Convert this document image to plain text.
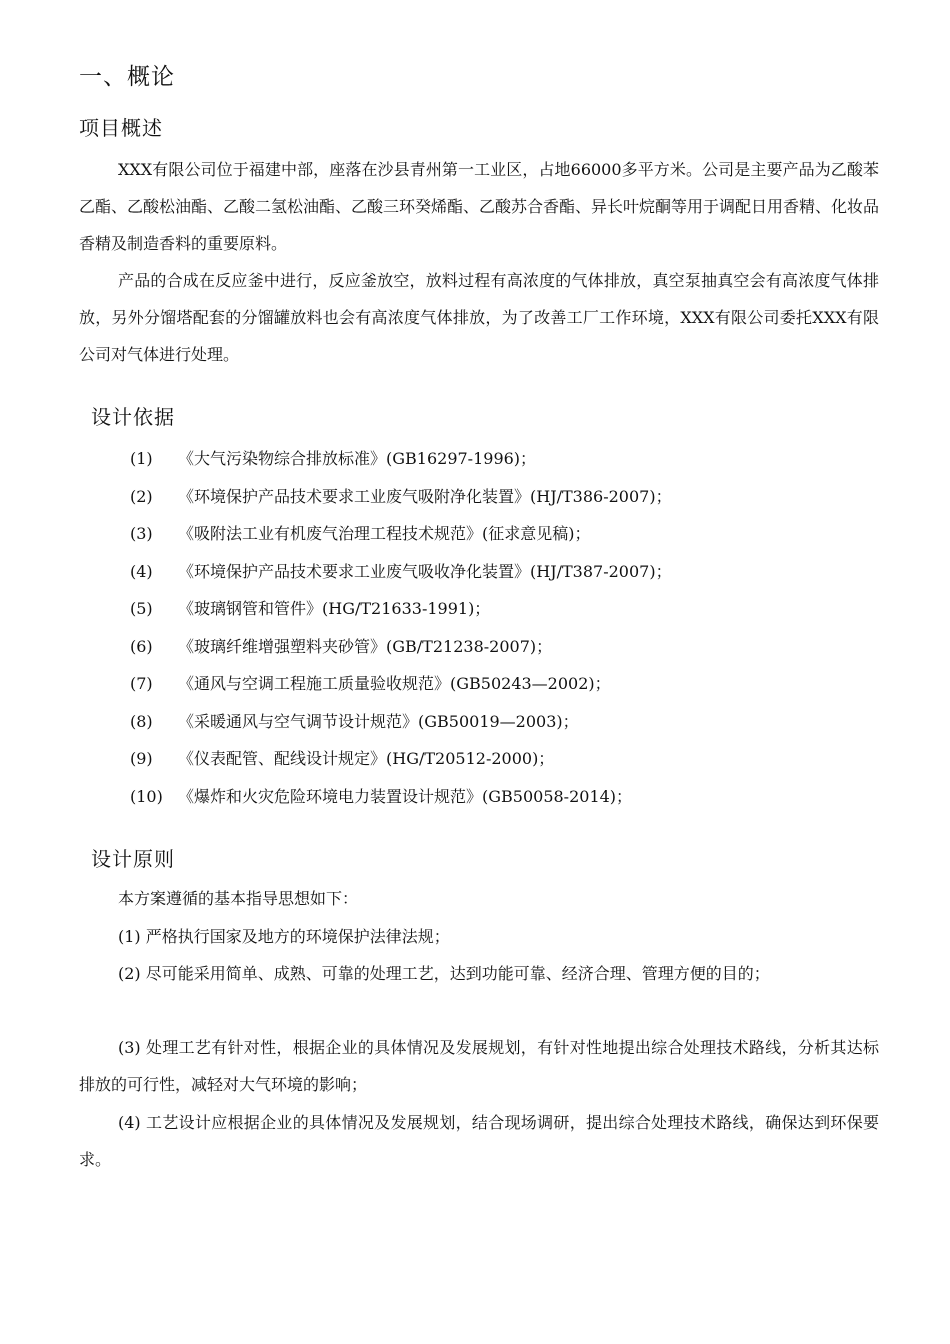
一、概论
项目概述

XXX有限公司位于福建中部，座落在沙县青州第一工业区，占地66000多平方米。公司是主要产品为乙酸苯乙酯、乙酸松油酯、乙酸二氢松油酯、乙酸三环癸烯酯、乙酸苏合香酯、异长叶烷酮等用于调配日用香精、化妆品香精及制造香料的重要原料。

产品的合成在反应釜中进行，反应釜放空，放料过程有高浓度的气体排放，真空泵抽真空会有高浓度气体排放，另外分馏塔配套的分馏罐放料也会有高浓度气体排放，为了改善工厂工作环境，XXX有限公司委托XXX有限公司对气体进行处理。

设计依据
(1) 《大气污染物综合排放标准》(GB16297-1996)；
(2) 《环境保护产品技术要求工业废气吸附净化装置》(HJ/T386-2007)；
(3) 《吸附法工业有机废气治理工程技术规范》(征求意见稿)；
(4) 《环境保护产品技术要求工业废气吸收净化装置》(HJ/T387-2007)；
(5) 《玻璃钢管和管件》(HG/T21633-1991)；
(6) 《玻璃纤维增强塑料夹砂管》(GB/T21238-2007)；
(7) 《通风与空调工程施工质量验收规范》(GB50243—2002)；
(8) 《采暖通风与空气调节设计规范》(GB50019—2003)；
(9) 《仪表配管、配线设计规定》(HG/T20512-2000)；
(10) 《爆炸和火灾危险环境电力装置设计规范》(GB50058-2014)；
设计原则

本方案遵循的基本指导思想如下：

(1) 严格执行国家及地方的环境保护法律法规；

(2) 尽可能采用简单、成熟、可靠的处理工艺，达到功能可靠、经济合理、管理方便的目的；

(3) 处理工艺有针对性，根据企业的具体情况及发展规划，有针对性地提出综合处理技术路线，分析其达标排放的可行性，减轻对大气环境的影响；

(4) 工艺设计应根据企业的具体情况及发展规划，结合现场调研，提出综合处理技术路线，确保达到环保要求。
